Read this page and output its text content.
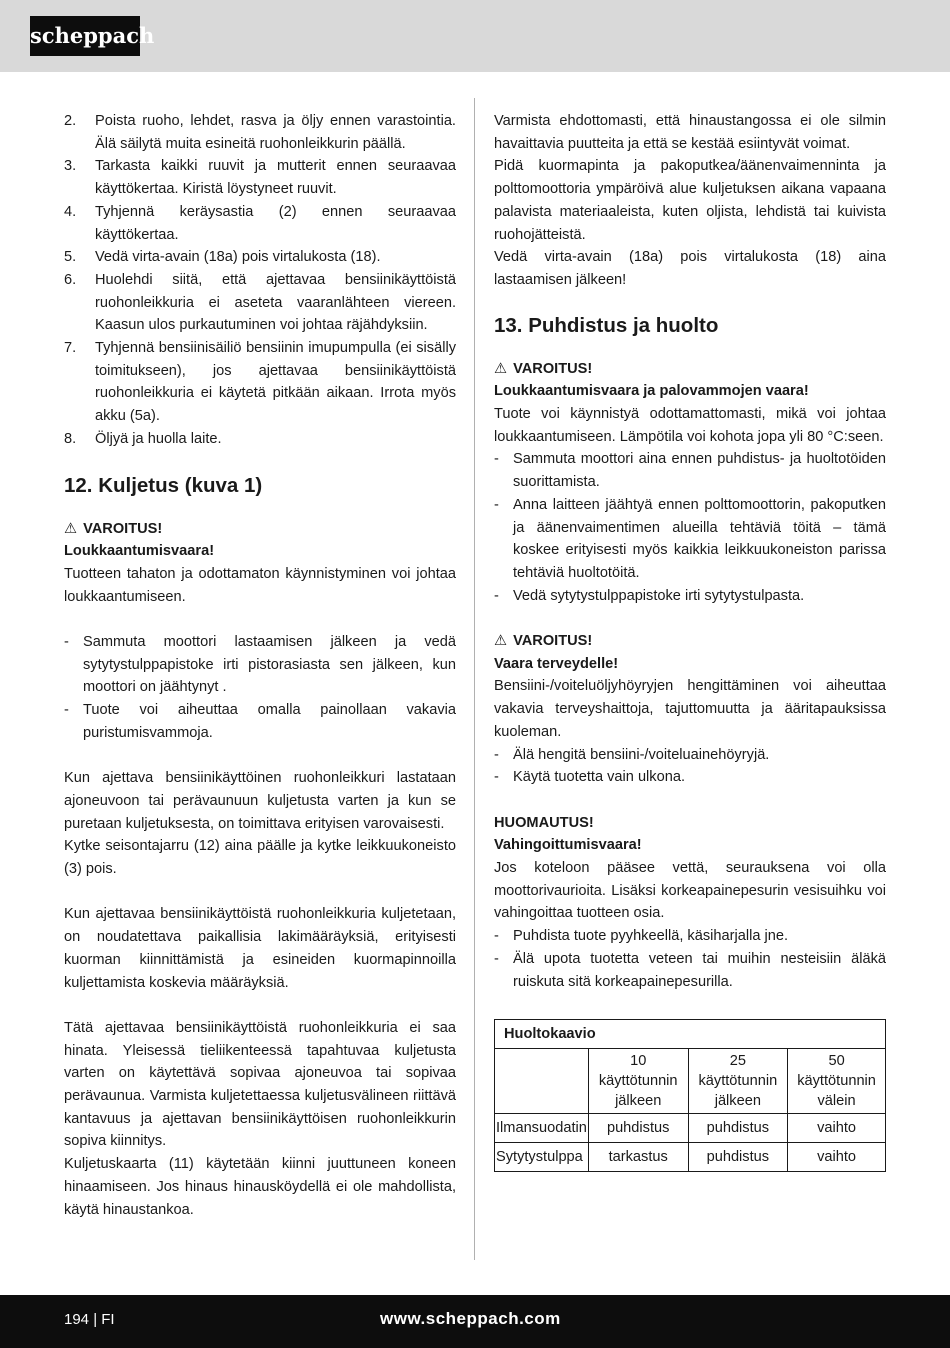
scheppach
2.	Poista ruoho, lehdet, rasva ja öljy ennen varastointia. Älä säilytä muita esineitä ruohonleikkurin päällä.
3.	Tarkasta kaikki ruuvit ja mutterit ennen seuraavaa käyttökertaa. Kiristä löystyneet ruuvit.
4.	Tyhjennä keräysastia (2) ennen seuraavaa käyttökertaa.
5.	Vedä virta-avain (18a) pois virtalukosta (18).
6.	Huolehdi siitä, että ajettavaa bensiinikäyttöistä ruohonleikkuria ei aseteta vaaranlähteen viereen. Kaasun ulos purkautuminen voi johtaa räjähdyksiin.
7.	Tyhjennä bensiinisäiliö bensiinin imupumpulla (ei sisälly toimitukseen), jos ajettavaa bensiinikäyttöistä ruohonleikkuria ei käytetä pitkään aikaan. Irrota myös akku (5a).
8.	Öljyä ja huolla laite.
12. Kuljetus (kuva 1)
⚠ VAROITUS!
Loukkaantumisvaara!
Tuotteen tahaton ja odottamaton käynnistyminen voi johtaa loukkaantumiseen.
- Sammuta moottori lastaamisen jälkeen ja vedä sytytystulppapistoke irti pistorasiasta sen jälkeen, kun moottori on jäähtynyt .
- Tuote voi aiheuttaa omalla painollaan vakavia puristumisvammoja.
Kun ajettava bensiinikäyttöinen ruohonleikkuri lastataan ajoneuvoon tai perävaunuun kuljetusta varten ja kun se puretaan kuljetuksesta, on toimittava erityisen varovaisesti.
Kytke seisontajarru (12) aina päälle ja kytke leikkuukoneisto (3) pois.
Kun ajettavaa bensiinikäyttöistä ruohonleikkuria kuljetetaan, on noudatettava paikallisia lakimääräyksiä, erityisesti kuorman kiinnittämistä ja esineiden kuormapinnoilla kuljettamista koskevia määräyksiä.
Tätä ajettavaa bensiinikäyttöistä ruohonleikkuria ei saa hinata. Yleisessä tieliikenteessä tapahtuvaa kuljetusta varten on käytettävä sopivaa ajoneuvoa tai sopivaa perävaunua. Varmista kuljetettaessa kuljetusvälineen riittävä kantavuus ja ajettavan bensiinikäyttöisen ruohonleikkurin sopiva kiinnitys.
Kuljetuskaarta (11) käytetään kiinni juuttuneen koneen hinaamiseen. Jos hinaus hinausköydellä ei ole mahdollista, käytä hinaustankoa.
Varmista ehdottomasti, että hinaustangossa ei ole silmin havaittavia puutteita ja että se kestää esiintyvät voimat.
Pidä kuormapinta ja pakoputkea/äänenvaimenninta ja polttomoottoria ympäröivä alue kuljetuksen aikana vapaana palavista materiaaleista, kuten oljista, lehdistä tai kuivista ruohojätteistä.
Vedä virta-avain (18a) pois virtalukosta (18) aina lastaamisen jälkeen!
13. Puhdistus ja huolto
⚠ VAROITUS!
Loukkaantumisvaara ja palovammojen vaara!
Tuote voi käynnistyä odottamattomasti, mikä voi johtaa loukkaantumiseen. Lämpötila voi kohota jopa yli 80 °C:seen.
- Sammuta moottori aina ennen puhdistus- ja huoltotöiden suorittamista.
- Anna laitteen jäähtyä ennen polttomoottorin, pakoputken ja äänenvaimentimen alueilla tehtäviä töitä – tämä koskee erityisesti myös kaikkia leikkuukoneiston parissa tehtäviä huoltotöitä.
- Vedä sytytystulppapistoke irti sytytystulpasta.
⚠ VAROITUS!
Vaara terveydelle!
Bensiini-/voiteluöljyhöyryjen hengittäminen voi aiheuttaa vakavia terveyshaittoja, tajuttomuutta ja ääritapauksissa kuoleman.
- Älä hengitä bensiini-/voiteluainehöyryjä.
- Käytä tuotetta vain ulkona.
HUOMAUTUS!
Vahingoittumisvaara!
Jos koteloon pääsee vettä, seurauksena voi olla moottorivaurioita. Lisäksi korkeapainepesurin vesisuihku voi vahingoittaa tuotteen osia.
- Puhdista tuote pyyhkeellä, käsiharjalla jne.
- Älä upota tuotetta veteen tai muihin nesteisiin äläkä ruiskuta sitä korkeapainepesurilla.
Huoltokaavio			
	10 käyttötunnin jälkeen	25 käyttötunnin jälkeen	50 käyttötunnin välein
Ilmansuodatin	puhdistus	puhdistus	vaihto
Sytytystulppa	tarkastus	puhdistus	vaihto
194 | FI	www.scheppach.com
